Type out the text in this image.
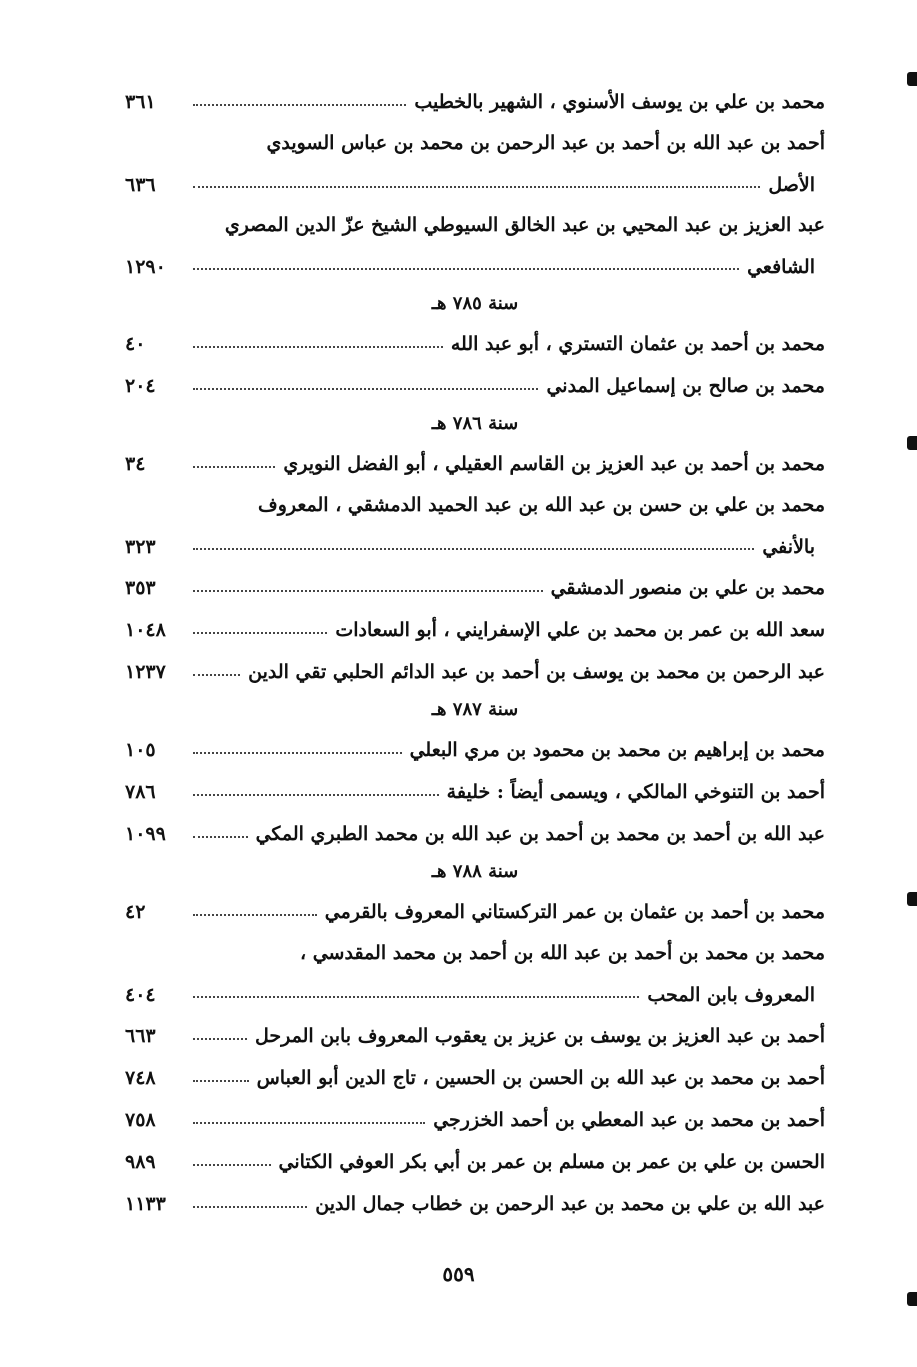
محمد بن علي بن يوسف الأسنوي ، الشهير بالخطيب
٣٦١
أحمد بن عبد الله بن أحمد بن عبد الرحمن بن محمد بن عباس السويدي
الأصل
٦٣٦
عبد العزيز بن عبد المحيي بن عبد الخالق السيوطي الشيخ عزّ الدين المصري
الشافعي
١٢٩٠
سنة ٧٨٥ هـ
محمد بن أحمد بن عثمان التستري ، أبو عبد الله
٤٠
محمد بن صالح بن إسماعيل المدني
٢٠٤
سنة ٧٨٦ هـ
محمد بن أحمد بن عبد العزيز بن القاسم العقيلي ، أبو الفضل النويري
٣٤
محمد بن علي بن حسن بن عبد الله بن عبد الحميد الدمشقي ، المعروف
بالأنفي
٣٢٣
محمد بن علي بن منصور الدمشقي
٣٥٣
سعد الله بن عمر بن محمد بن علي الإسفرايني ، أبو السعادات
١٠٤٨
عبد الرحمن بن محمد بن يوسف بن أحمد بن عبد الدائم الحلبي تقي الدين
١٢٣٧
سنة ٧٨٧ هـ
محمد بن إبراهيم بن محمد بن محمود بن مري البعلي
١٠٥
أحمد بن التنوخي المالكي ، ويسمى أيضاً : خليفة
٧٨٦
عبد الله بن أحمد بن محمد بن أحمد بن عبد الله بن محمد الطبري المكي
١٠٩٩
سنة ٧٨٨ هـ
محمد بن أحمد بن عثمان بن عمر التركستاني المعروف بالقرمي
٤٢
محمد بن محمد بن أحمد بن عبد الله بن أحمد بن محمد المقدسي ،
المعروف بابن المحب
٤٠٤
أحمد بن عبد العزيز بن يوسف بن عزيز بن يعقوب المعروف بابن المرحل
٦٦٣
أحمد بن محمد بن عبد الله بن الحسن بن الحسين ، تاج الدين أبو العباس
٧٤٨
أحمد بن محمد بن عبد المعطي بن أحمد الخزرجي
٧٥٨
الحسن بن علي بن عمر بن مسلم بن عمر بن أبي بكر العوفي الكتاني
٩٨٩
عبد الله بن علي بن محمد بن عبد الرحمن بن خطاب جمال الدين
١١٣٣
٥٥٩
